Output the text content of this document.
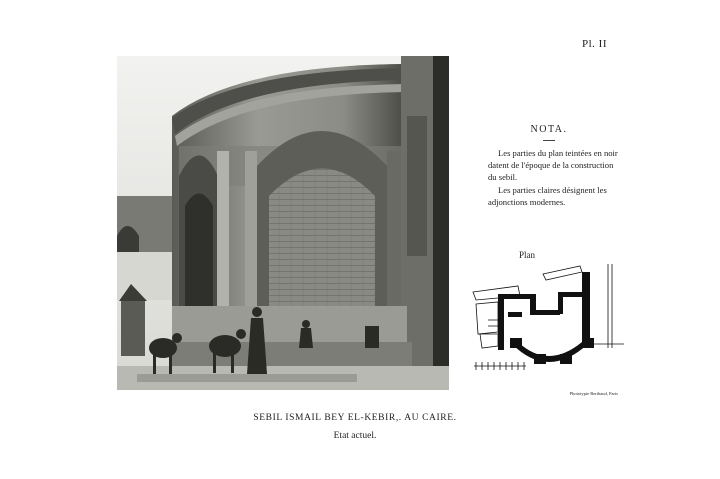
Pl. II
NOTA.

Les parties du plan teintées en noir datent de l'époque de la construction du sebil.

Les parties claires désignent les adjonctions modernes.

Plan
Phototypie Berthaud, Paris
SEBIL ISMAIL BEY EL-KEBIR,. AU CAIRE.
Etat actuel.
